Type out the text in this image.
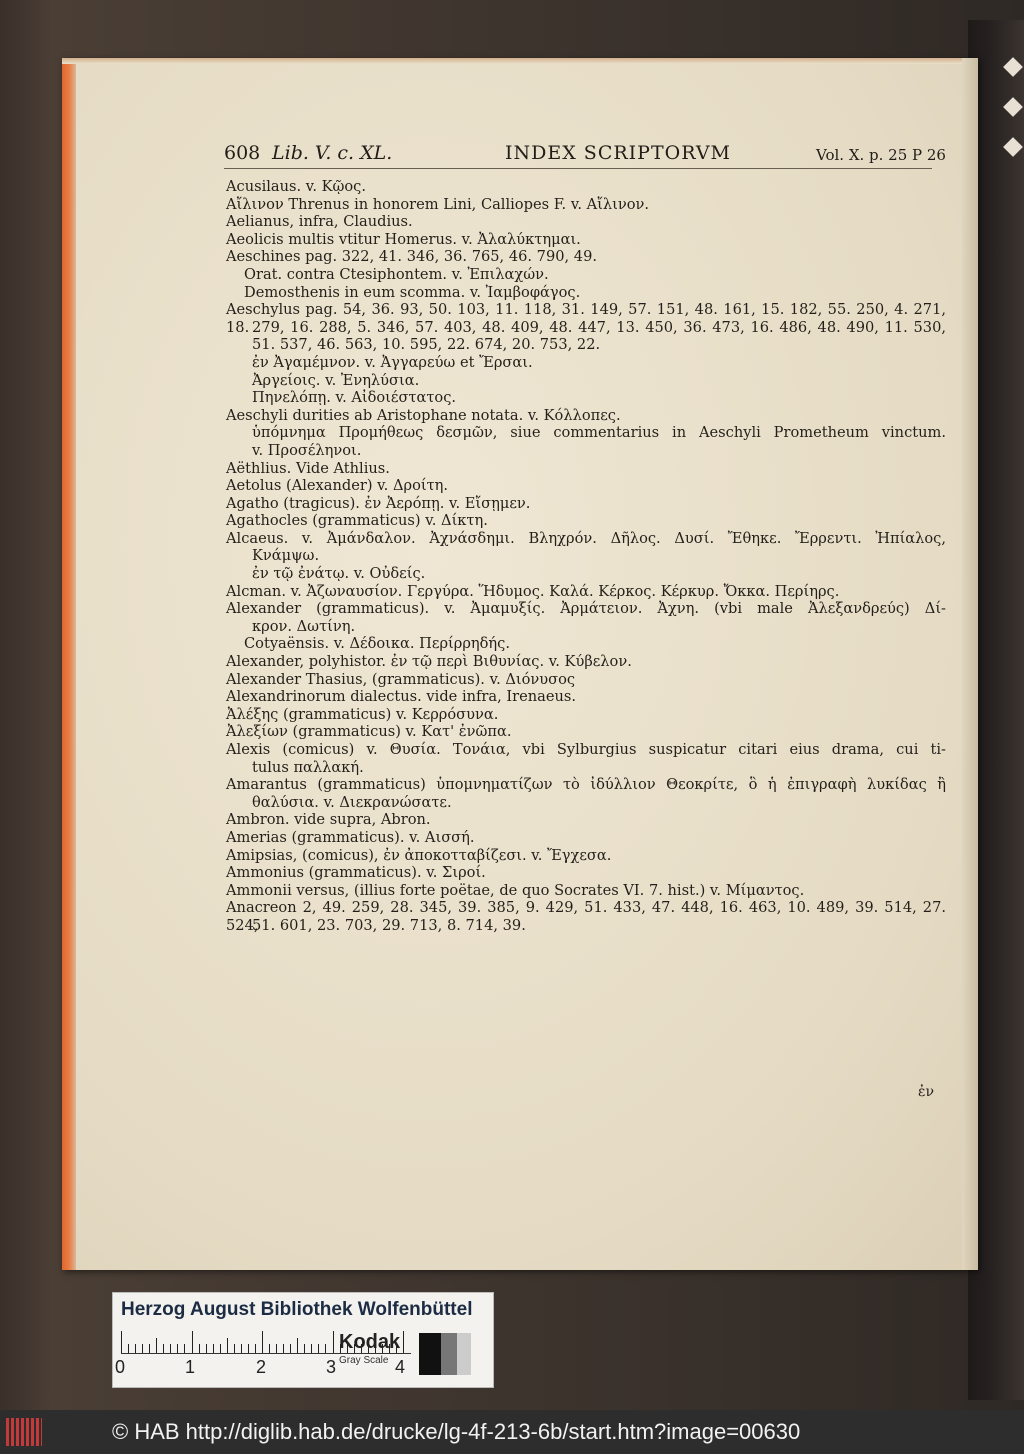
608 Lib. V. c. XL.	INDEX SCRIPTORVM	Vol. X. p. 25 P 26
Acusilaus. v. Κῷος.
Αἴλινον Threnus in honorem Lini, Calliopes F. v. Αἴλινον.
Aelianus, infra, Claudius.
Aeolicis multis vtitur Homerus. v. Ἀλαλύκτημαι.
Aeschines pag. 322, 41. 346, 36. 765, 46. 790, 49.
Orat. contra Ctesiphontem. v. Ἐπιλαχών.
Demosthenis in eum scomma. v. Ἰαμβοφάγος.
Aeschylus pag. 54, 36. 93, 50. 103, 11. 118, 31. 149, 57. 151, 48. 161, 15. 182, 55. 250, 4. 271, 18. 279, 16. 288, 5. 346, 57. 403, 48. 409, 48. 447, 13. 450, 36. 473, 16. 486, 48. 490, 11. 530,
51. 537, 46. 563, 10. 595, 22. 674, 20. 753, 22.
ἐν Ἀγαμέμνον. v. Ἀγγαρεύω et Ἔρσαι.
Ἀργείοις. v. Ἐνηλύσια.
Πηνελόπῃ. v. Αἰδοιέστατος.
Aeschyli durities ab Aristophane notata. v. Κόλλοπες.
ὑπόμνημα Προμήθεως δεσμῶν, siue commentarius in Aeschyli Prometheum vinctum.
v. Προσέληνοι.
Aëthlius. Vide Athlius.
Aetolus (Alexander) v. Δροίτη.
Agatho (tragicus). ἐν Ἀερόπῃ. v. Εἴσῃμεν.
Agathocles (grammaticus) v. Δίκτη.
Alcaeus. v. Ἀμάνδαλον. Ἀχνάσδημι. Βληχρόν. Δῆλος. Δυσί. Ἔθηκε. Ἔρρεντι. Ἠπίαλος,
Κνάμψω.
ἐν τῷ ἐνάτῳ. v. Οὐδείς.
Alcman. v. Ἀζωναυσίον. Γεργύρα. Ἥδυμος. Καλά. Κέρκος. Κέρκυρ. Ὄκκα. Περίηρς.
Alexander (grammaticus). v. Ἀμαμυξίς. Ἀρμάτειον. Ἀχνη. (vbi male Ἀλεξανδρεύς) Δί-
κρον. Δωτίνη.
Cotyaënsis. v. Δέδοικα. Περίρρηδής.
Alexander, polyhistor. ἐν τῷ περὶ Βιθυνίας. v. Κύβελον.
Alexander Thasius, (grammaticus). v. Διόνυσος
Alexandrinorum dialectus. vide infra, Irenaeus.
Ἀλέξης (grammaticus) v. Κερρόσυνα.
Ἀλεξίων (grammaticus) v. Κατ' ἐνῶπα.
Alexis (comicus) v. Θυσία. Τονάια, vbi Sylburgius suspicatur citari eius drama, cui ti-
tulus παλλακή.
Amarantus (grammaticus) ὑπομνηματίζων τὸ ἰδύλλιον Θεοκρίτε, ὃ ἡ ἐπιγραφὴ λυκίδας ἢ
θαλύσια. v. Διεκρανώσατε.
Ambron. vide supra, Abron.
Amerias (grammaticus). v. Αισσή.
Amipsias, (comicus), ἐν ἀποκοτταβίζεσι. v. Ἔγχεσα.
Ammonius (grammaticus). v. Σιροί.
Ammonii versus, (illius forte poëtae, de quo Socrates VI. 7. hist.) v. Μίμαντος.
Anacreon 2, 49. 259, 28. 345, 39. 385, 9. 429, 51. 433, 47. 448, 16. 463, 10. 489, 39. 514, 27. 524,
51. 601, 23. 703, 29. 713, 8. 714, 39.
ἐν
Herzog August Bibliothek Wolfenbüttel
0	1	2	3	4
Kodak
Gray Scale
© HAB http://diglib.hab.de/drucke/lg-4f-213-6b/start.htm?image=00630
